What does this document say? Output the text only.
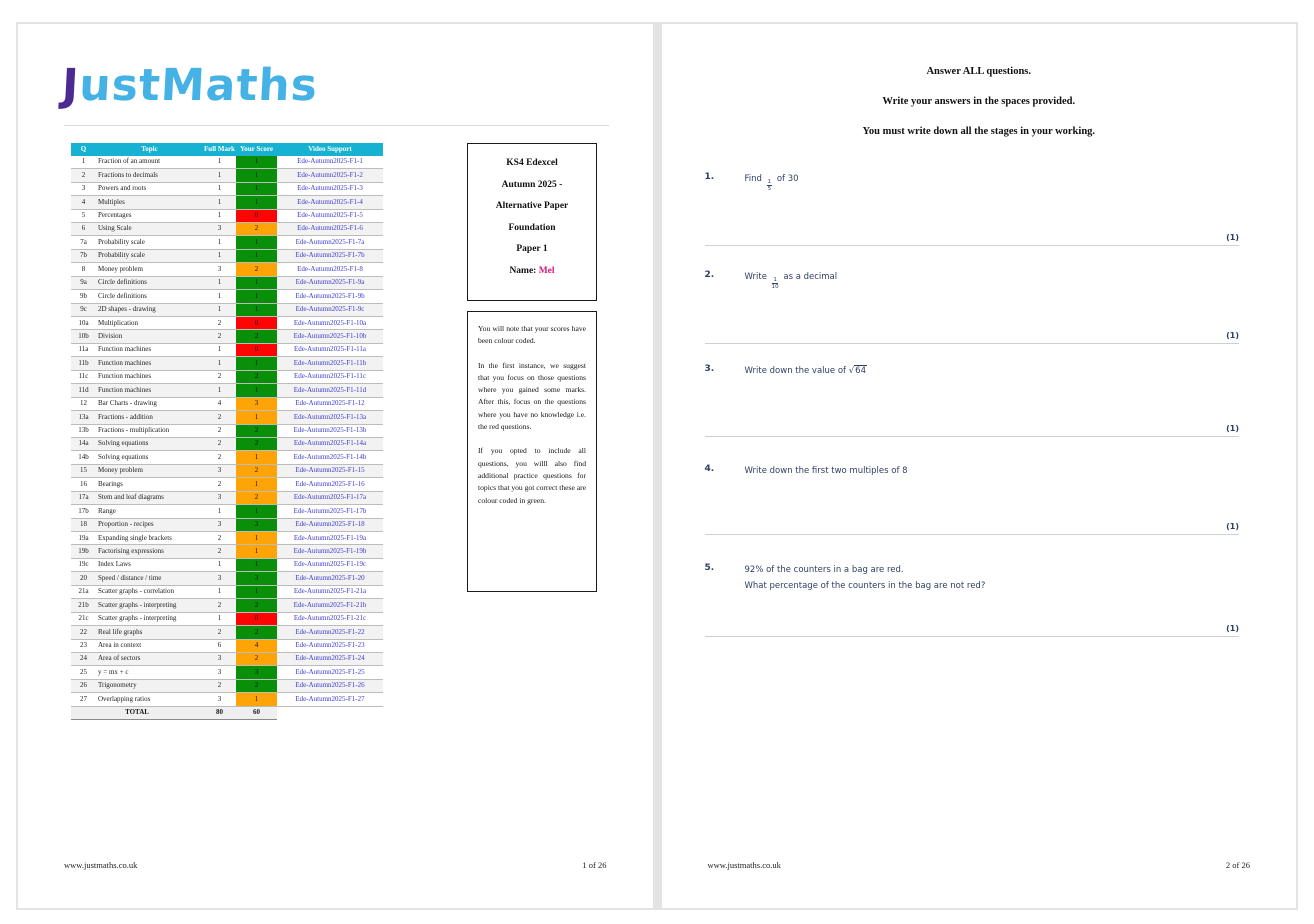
JustMaths
Q	Topic	Full Mark	Your Score	Video Support
1	Fraction of an amount	1	1	Ede-Autumn2025-F1-1
2	Fractions to decimals	1	1	Ede-Autumn2025-F1-2
3	Powers and roots	1	1	Ede-Autumn2025-F1-3
4	Multiples	1	1	Ede-Autumn2025-F1-4
5	Percentages	1	0	Ede-Autumn2025-F1-5
6	Using Scale	3	2	Ede-Autumn2025-F1-6
7a	Probability scale	1	1	Ede-Autumn2025-F1-7a
7b	Probability scale	1	1	Ede-Autumn2025-F1-7b
8	Money problem	3	2	Ede-Autumn2025-F1-8
9a	Circle definitions	1	1	Ede-Autumn2025-F1-9a
9b	Circle definitions	1	1	Ede-Autumn2025-F1-9b
9c	2D shapes - drawing	1	1	Ede-Autumn2025-F1-9c
10a	Multiplication	2	0	Ede-Autumn2025-F1-10a
10b	Division	2	2	Ede-Autumn2025-F1-10b
11a	Function machines	1	0	Ede-Autumn2025-F1-11a
11b	Function machines	1	1	Ede-Autumn2025-F1-11b
11c	Function machines	2	2	Ede-Autumn2025-F1-11c
11d	Function machines	1	1	Ede-Autumn2025-F1-11d
12	Bar Charts - drawing	4	3	Ede-Autumn2025-F1-12
13a	Fractions - addition	2	1	Ede-Autumn2025-F1-13a
13b	Fractions - multiplication	2	2	Ede-Autumn2025-F1-13b
14a	Solving equations	2	2	Ede-Autumn2025-F1-14a
14b	Solving equations	2	1	Ede-Autumn2025-F1-14b
15	Money problem	3	2	Ede-Autumn2025-F1-15
16	Bearings	2	1	Ede-Autumn2025-F1-16
17a	Stem and leaf diagrams	3	2	Ede-Autumn2025-F1-17a
17b	Range	1	1	Ede-Autumn2025-F1-17b
18	Proportion - recipes	3	3	Ede-Autumn2025-F1-18
19a	Expanding single brackets	2	1	Ede-Autumn2025-F1-19a
19b	Factorising expressions	2	1	Ede-Autumn2025-F1-19b
19c	Index Laws	1	1	Ede-Autumn2025-F1-19c
20	Speed / distance / time	3	3	Ede-Autumn2025-F1-20
21a	Scatter graphs - correlation	1	1	Ede-Autumn2025-F1-21a
21b	Scatter graphs - interpreting	2	2	Ede-Autumn2025-F1-21b
21c	Scatter graphs - interpreting	1	0	Ede-Autumn2025-F1-21c
22	Real life graphs	2	2	Ede-Autumn2025-F1-22
23	Area in context	6	4	Ede-Autumn2025-F1-23
24	Area of sectors	3	2	Ede-Autumn2025-F1-24
25	y = mx + c	3	3	Ede-Autumn2025-F1-25
26	Trigonometry	2	2	Ede-Autumn2025-F1-26
27	Overlapping ratios	3	1	Ede-Autumn2025-F1-27
TOTAL		80	60	
KS4 Edexcel
Autumn 2025 -
Alternative Paper
Foundation
Paper 1
Name: Mel

You will note that your scores have been colour coded.

In the first instance, we suggest that you focus on those questions where you gained some marks. After this, focus on the questions where you have no knowledge i.e. the red questions.

If you opted to include all questions, you willl also find additional practice questions for topics that you got correct these are colour coded in green.

www.justmaths.co.uk	1 of 26
Answer ALL questions.
Write your answers in the spaces provided.
You must write down all the stages in your working.
1.	Find $\frac{1}{5}$ of 30
(1)
2.	Write $\frac{1}{10}$ as a decimal
(1)
3.	Write down the value of √64
(1)
4.	Write down the first two multiples of 8
(1)
5.	92% of the counters in a bag are red.
What percentage of the counters in the bag are not red?
(1)
www.justmaths.co.uk	2 of 26
